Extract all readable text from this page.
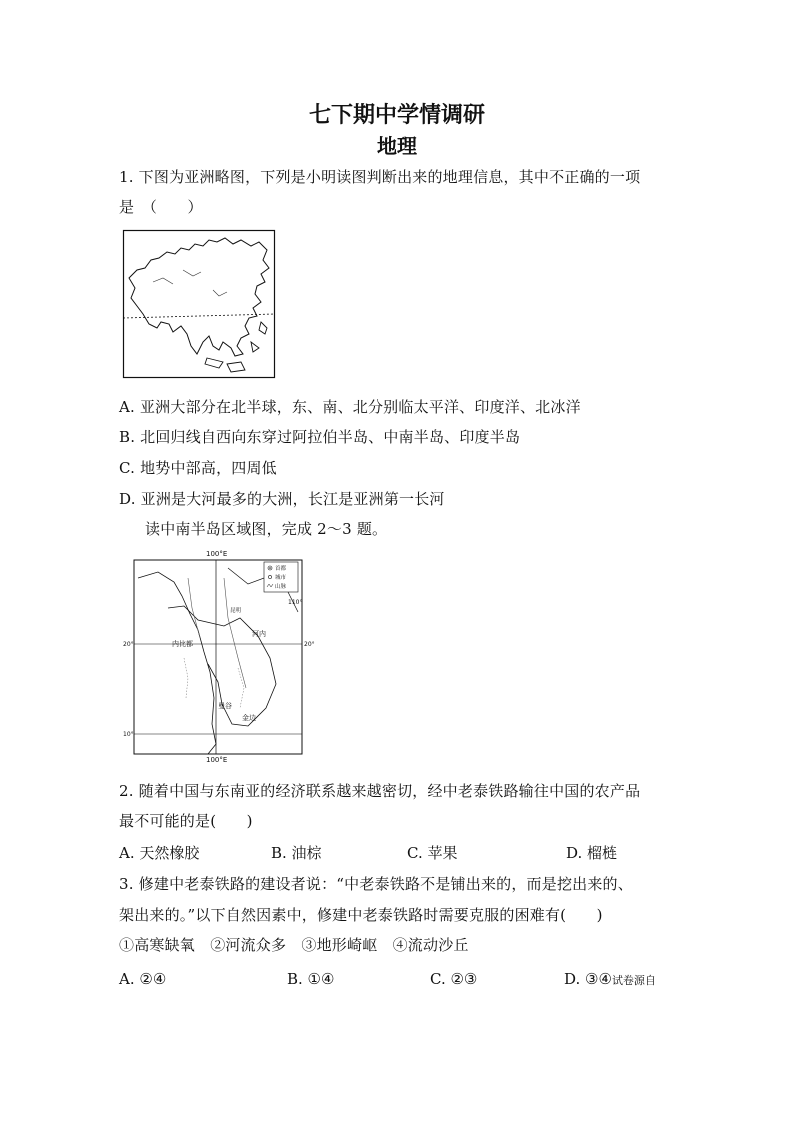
七下期中学情调研
地理
1. 下图为亚洲略图，下列是小明读图判断出来的地理信息，其中不正确的一项
是　（　　）
A. 亚洲大部分在北半球，东、南、北分别临太平洋、印度洋、北冰洋
B. 北回归线自西向东穿过阿拉伯半岛、中南半岛、印度半岛
C. 地势中部高，四周低
D. 亚洲是大河最多的大洲，长江是亚洲第一长河
读中南半岛区域图，完成 2～3 题。
100°E
首都
城市
山脉
110°
20°	20°
10°
内比都
河内
曼谷
金边
昆明
100°E
2. 随着中国与东南亚的经济联系越来越密切，经中老泰铁路输往中国的农产品
最不可能的是(　　)
A. 天然橡胶	B. 油棕	C. 苹果	D. 榴梿
3. 修建中老泰铁路的建设者说：“中老泰铁路不是铺出来的，而是挖出来的、
架出来的。”以下自然因素中，修建中老泰铁路时需要克服的困难有(　　)
①高寒缺氧　②河流众多　③地形崎岖　④流动沙丘
A. ②④	B. ①④	C. ②③	D. ③④试卷源自
